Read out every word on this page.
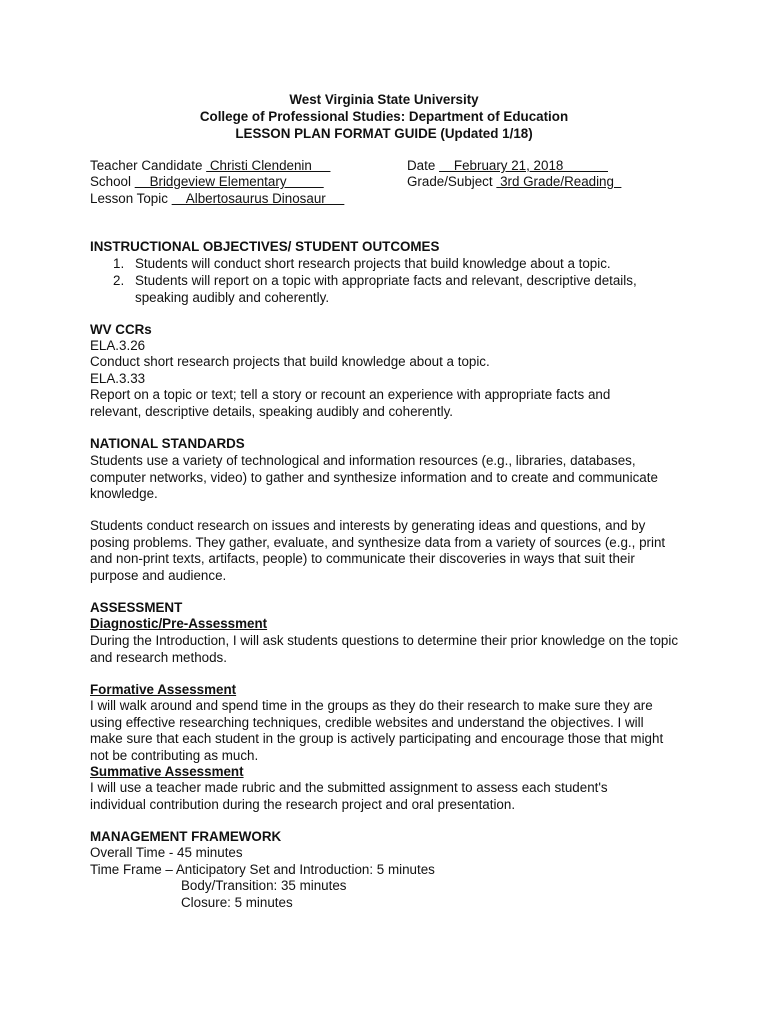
West Virginia State University
College of Professional Studies: Department of Education
LESSON PLAN FORMAT GUIDE (Updated 1/18)
Teacher Candidate  Christi Clendenin
School     Bridgeview Elementary
Lesson Topic     Albertosaurus Dinosaur
Date     February 21, 2018
Grade/Subject  3rd Grade/Reading
INSTRUCTIONAL OBJECTIVES/ STUDENT OUTCOMES
1. Students will conduct short research projects that build knowledge about a topic.
2. Students will report on a topic with appropriate facts and relevant, descriptive details, speaking audibly and coherently.
WV CCRs
ELA.3.26
Conduct short research projects that build knowledge about a topic.
ELA.3.33
Report on a topic or text; tell a story or recount an experience with appropriate facts and relevant, descriptive details, speaking audibly and coherently.
NATIONAL STANDARDS
Students use a variety of technological and information resources (e.g., libraries, databases, computer networks, video) to gather and synthesize information and to create and communicate knowledge.
Students conduct research on issues and interests by generating ideas and questions, and by posing problems. They gather, evaluate, and synthesize data from a variety of sources (e.g., print and non-print texts, artifacts, people) to communicate their discoveries in ways that suit their purpose and audience.
ASSESSMENT
Diagnostic/Pre-Assessment
During the Introduction, I will ask students questions to determine their prior knowledge on the topic and research methods.
Formative Assessment
I will walk around and spend time in the groups as they do their research to make sure they are using effective researching techniques, credible websites and understand the objectives. I will make sure that each student in the group is actively participating and encourage those that might not be contributing as much.
Summative Assessment
I will use a teacher made rubric and the submitted assignment to assess each student's individual contribution during the research project and oral presentation.
MANAGEMENT FRAMEWORK
Overall Time - 45 minutes
Time Frame – Anticipatory Set and Introduction: 5 minutes
Body/Transition: 35 minutes
Closure: 5 minutes
